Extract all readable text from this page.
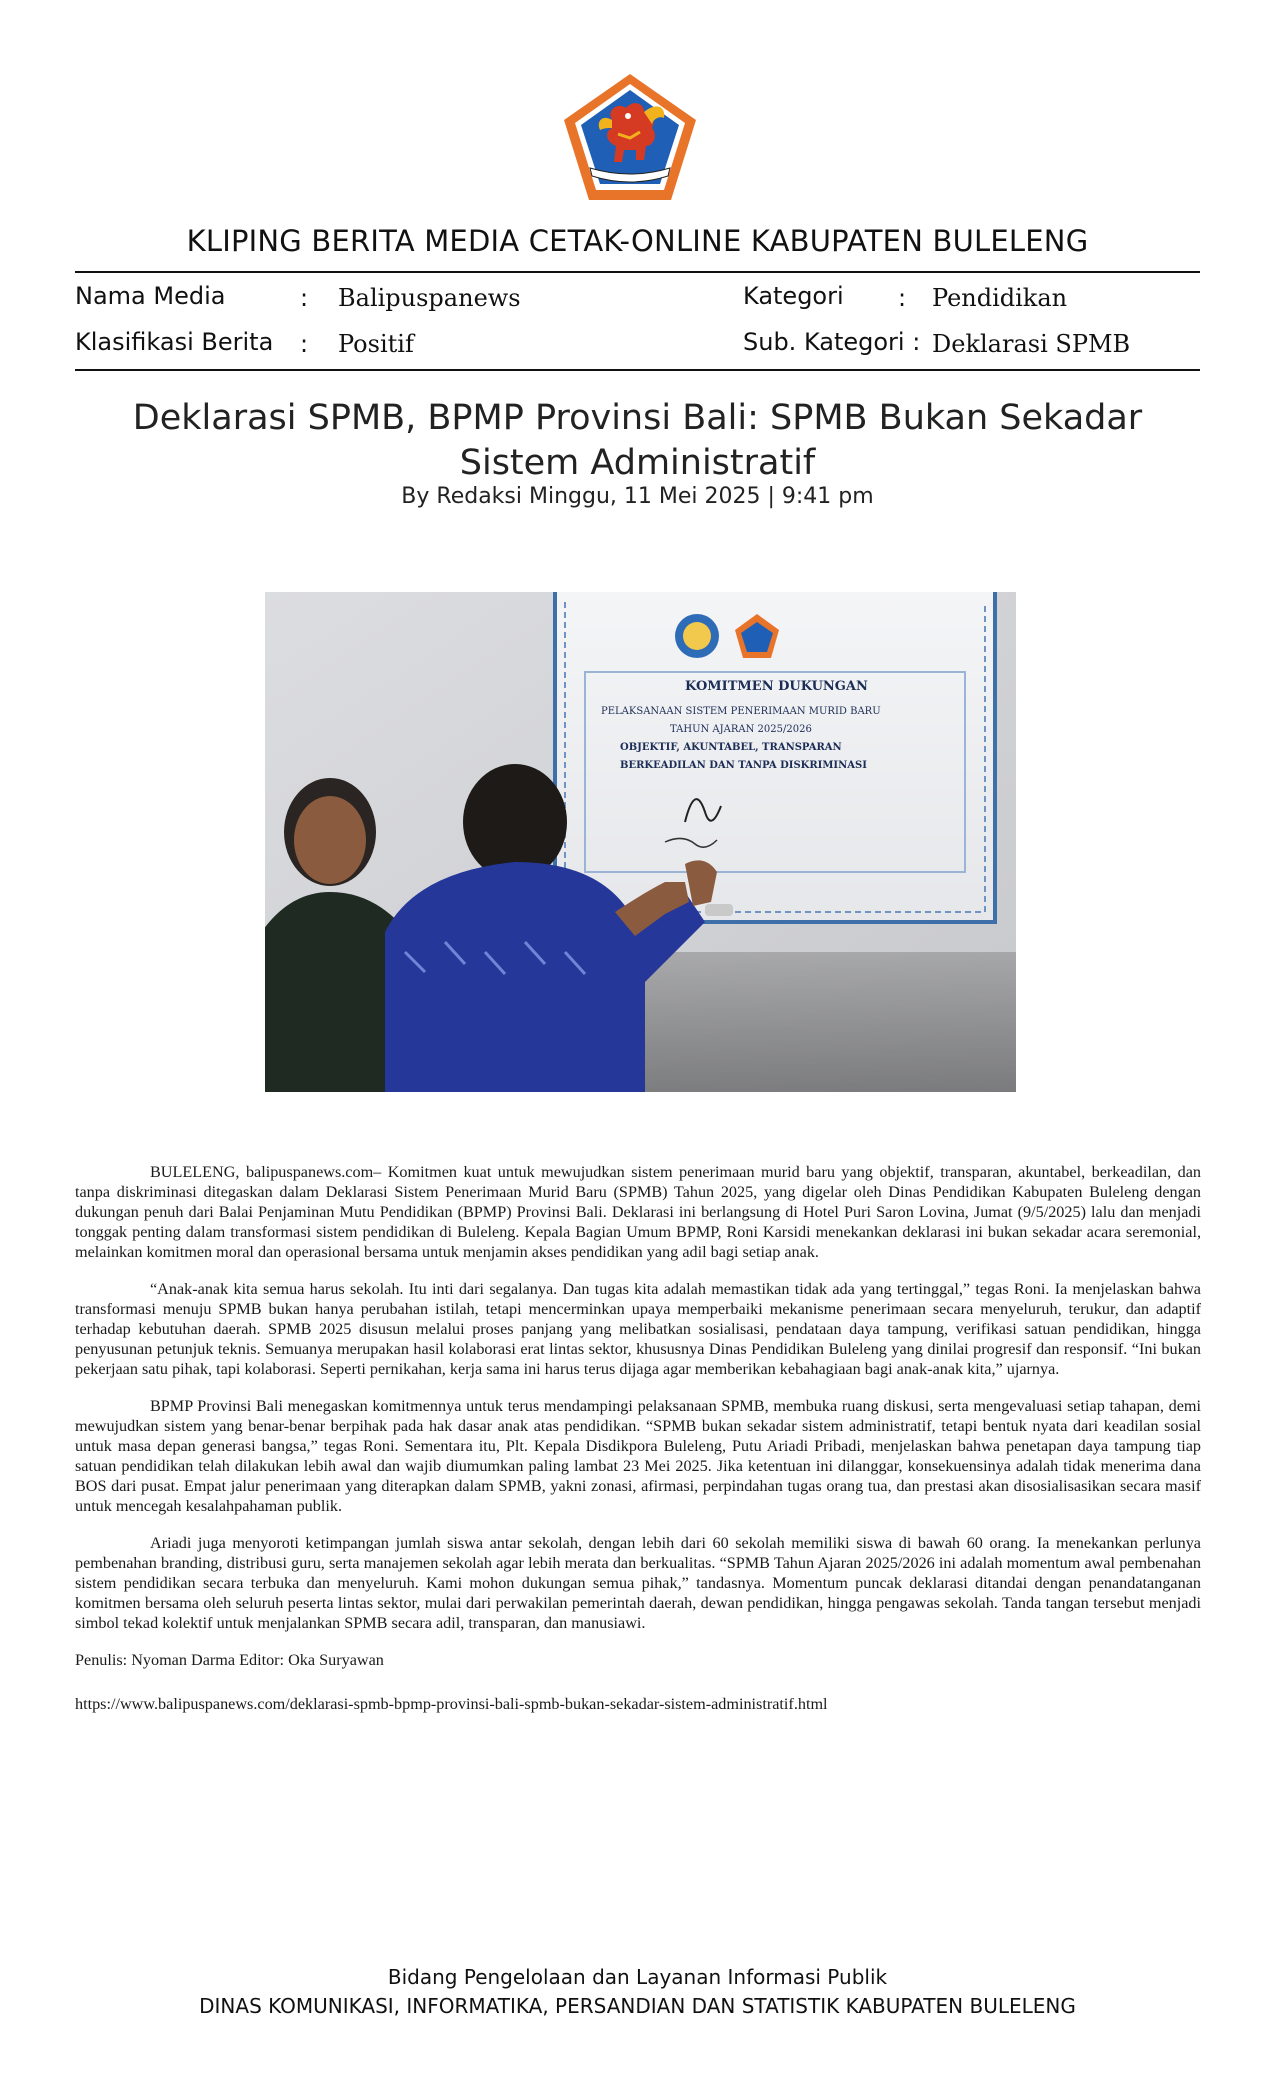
KLIPING BERITA MEDIA CETAK-ONLINE KABUPATEN BULELENG
Nama Media	: Balipuspanews	Kategori : Pendidikan
Klasifikasi Berita : Positif	Sub. Kategori : Deklarasi SPMB
Deklarasi SPMB, BPMP Provinsi Bali: SPMB Bukan Sekadar
Sistem Administratif
By Redaksi Minggu, 11 Mei 2025 | 9:41 pm
KOMITMEN DUKUNGAN
PELAKSANAAN SISTEM PENERIMAAN MURID BARU
TAHUN AJARAN 2025/2026
OBJEKTIF, AKUNTABEL, TRANSPARAN
BERKEADILAN DAN TANPA DISKRIMINASI

BULELENG, balipuspanews.com– Komitmen kuat untuk mewujudkan sistem penerimaan murid baru yang objektif, transparan, akuntabel, berkeadilan, dan tanpa diskriminasi ditegaskan dalam Deklarasi Sistem Penerimaan Murid Baru (SPMB) Tahun 2025, yang digelar oleh Dinas Pendidikan Kabupaten Buleleng dengan dukungan penuh dari Balai Penjaminan Mutu Pendidikan (BPMP) Provinsi Bali. Deklarasi ini berlangsung di Hotel Puri Saron Lovina, Jumat (9/5/2025) lalu dan menjadi tonggak penting dalam transformasi sistem pendidikan di Buleleng. Kepala Bagian Umum BPMP, Roni Karsidi menekankan deklarasi ini bukan sekadar acara seremonial, melainkan komitmen moral dan operasional bersama untuk menjamin akses pendidikan yang adil bagi setiap anak.

“Anak-anak kita semua harus sekolah. Itu inti dari segalanya. Dan tugas kita adalah memastikan tidak ada yang tertinggal,” tegas Roni. Ia menjelaskan bahwa transformasi menuju SPMB bukan hanya perubahan istilah, tetapi mencerminkan upaya memperbaiki mekanisme penerimaan secara menyeluruh, terukur, dan adaptif terhadap kebutuhan daerah. SPMB 2025 disusun melalui proses panjang yang melibatkan sosialisasi, pendataan daya tampung, verifikasi satuan pendidikan, hingga penyusunan petunjuk teknis. Semuanya merupakan hasil kolaborasi erat lintas sektor, khususnya Dinas Pendidikan Buleleng yang dinilai progresif dan responsif. “Ini bukan pekerjaan satu pihak, tapi kolaborasi. Seperti pernikahan, kerja sama ini harus terus dijaga agar memberikan kebahagiaan bagi anak-anak kita,” ujarnya.

BPMP Provinsi Bali menegaskan komitmennya untuk terus mendampingi pelaksanaan SPMB, membuka ruang diskusi, serta mengevaluasi setiap tahapan, demi mewujudkan sistem yang benar-benar berpihak pada hak dasar anak atas pendidikan. “SPMB bukan sekadar sistem administratif, tetapi bentuk nyata dari keadilan sosial untuk masa depan generasi bangsa,” tegas Roni. Sementara itu, Plt. Kepala Disdikpora Buleleng, Putu Ariadi Pribadi, menjelaskan bahwa penetapan daya tampung tiap satuan pendidikan telah dilakukan lebih awal dan wajib diumumkan paling lambat 23 Mei 2025. Jika ketentuan ini dilanggar, konsekuensinya adalah tidak menerima dana BOS dari pusat. Empat jalur penerimaan yang diterapkan dalam SPMB, yakni zonasi, afirmasi, perpindahan tugas orang tua, dan prestasi akan disosialisasikan secara masif untuk mencegah kesalahpahaman publik.

Ariadi juga menyoroti ketimpangan jumlah siswa antar sekolah, dengan lebih dari 60 sekolah memiliki siswa di bawah 60 orang. Ia menekankan perlunya pembenahan branding, distribusi guru, serta manajemen sekolah agar lebih merata dan berkualitas. “SPMB Tahun Ajaran 2025/2026 ini adalah momentum awal pembenahan sistem pendidikan secara terbuka dan menyeluruh. Kami mohon dukungan semua pihak,” tandasnya. Momentum puncak deklarasi ditandai dengan penandatanganan komitmen bersama oleh seluruh peserta lintas sektor, mulai dari perwakilan pemerintah daerah, dewan pendidikan, hingga pengawas sekolah. Tanda tangan tersebut menjadi simbol tekad kolektif untuk menjalankan SPMB secara adil, transparan, dan manusiawi.

Penulis: Nyoman Darma Editor: Oka Suryawan

https://www.balipuspanews.com/deklarasi-spmb-bpmp-provinsi-bali-spmb-bukan-sekadar-sistem-administratif.html

Bidang Pengelolaan dan Layanan Informasi Publik
DINAS KOMUNIKASI, INFORMATIKA, PERSANDIAN DAN STATISTIK KABUPATEN BULELENG
